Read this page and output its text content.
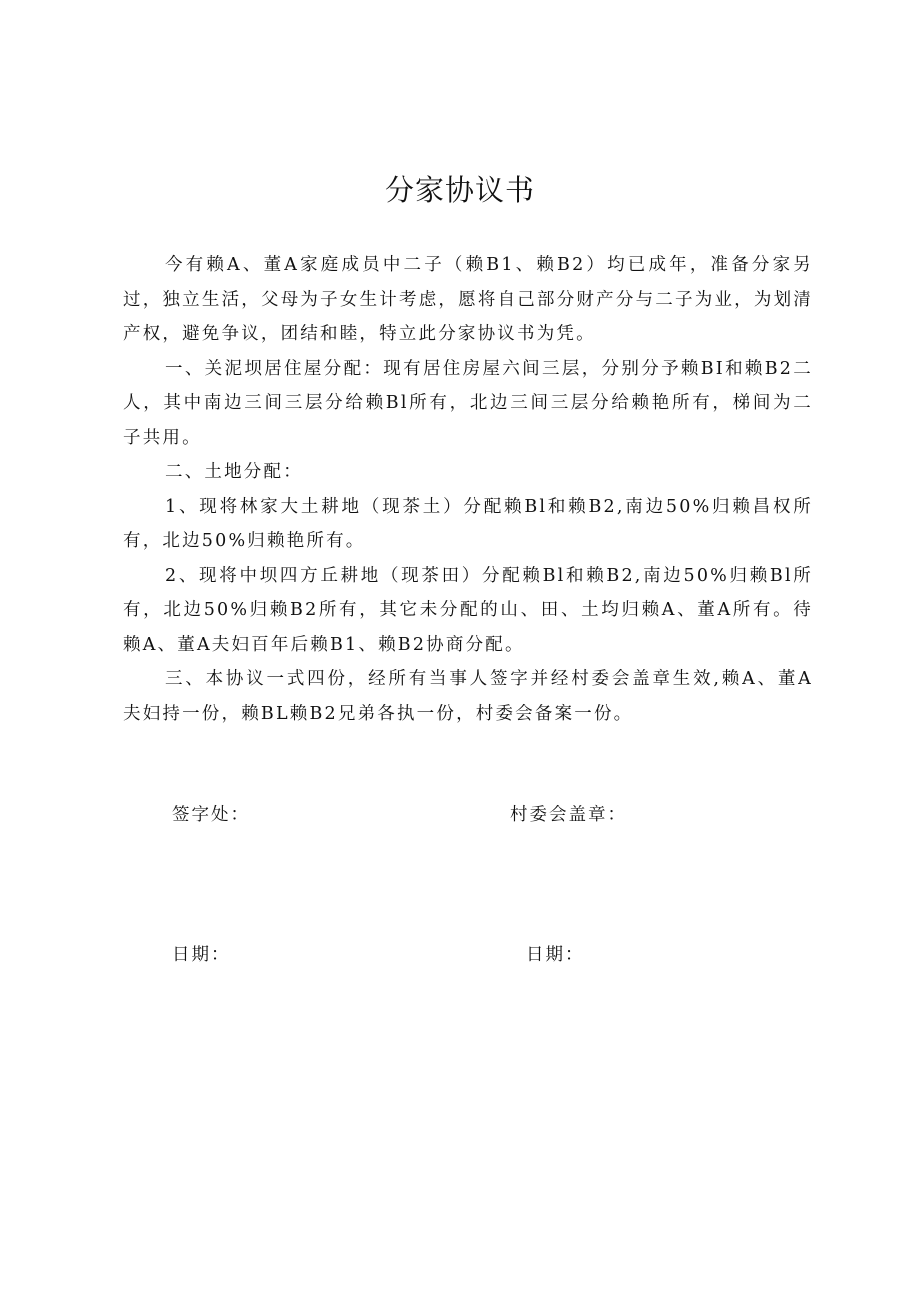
分家协议书

今有赖A、董A家庭成员中二子（赖B1、赖B2）均已成年，准备分家另过，独立生活，父母为子女生计考虑，愿将自己部分财产分与二子为业，为划清产权，避免争议，团结和睦，特立此分家协议书为凭。

一、关泥坝居住屋分配：现有居住房屋六间三层，分别分予赖BI和赖B2二人，其中南边三间三层分给赖Bl所有，北边三间三层分给赖艳所有，梯间为二子共用。

二、土地分配：

1、现将林家大土耕地（现茶土）分配赖Bl和赖B2,南边50%归赖昌权所有，北边50%归赖艳所有。

2、现将中坝四方丘耕地（现茶田）分配赖Bl和赖B2,南边50%归赖Bl所有，北边50%归赖B2所有，其它未分配的山、田、土均归赖A、董A所有。待赖A、董A夫妇百年后赖B1、赖B2协商分配。

三、本协议一式四份，经所有当事人签字并经村委会盖章生效,赖A、董A夫妇持一份，赖BL赖B2兄弟各执一份，村委会备案一份。

签字处：	村委会盖章：
日期：	日期：
